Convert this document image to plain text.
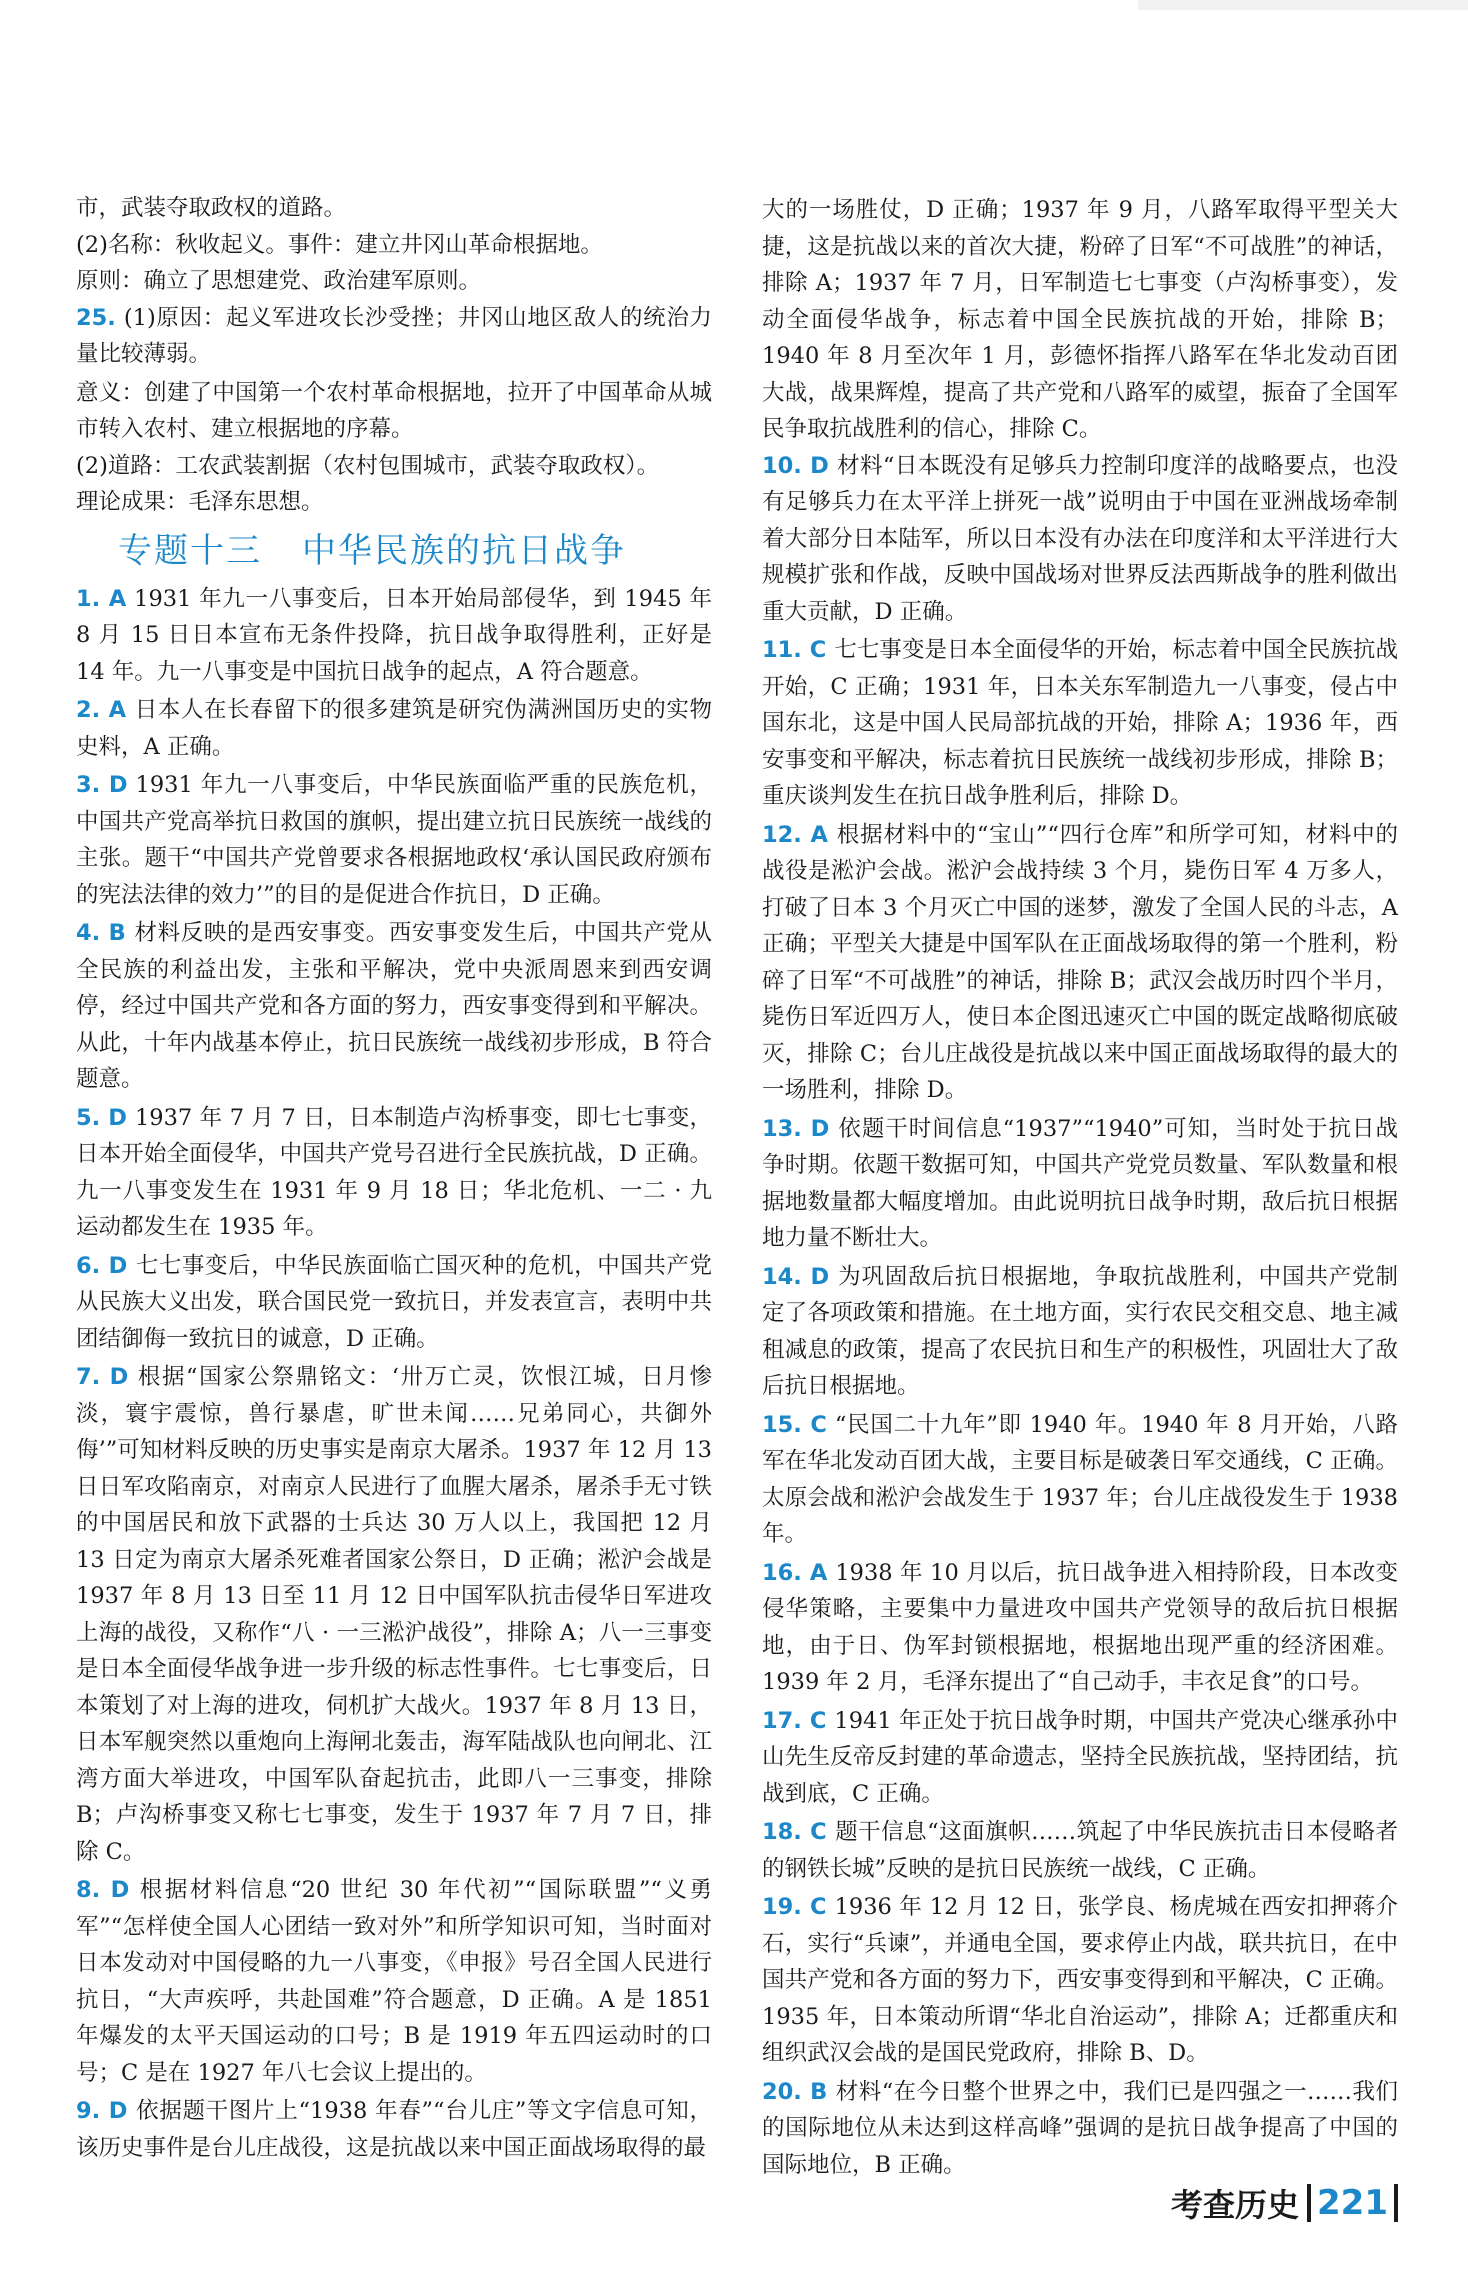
市，武装夺取政权的道路。

(2)名称：秋收起义。事件：建立井冈山革命根据地。

原则：确立了思想建党、政治建军原则。

25. (1)原因：起义军进攻长沙受挫；井冈山地区敌人的统治力量比较薄弱。

意义：创建了中国第一个农村革命根据地，拉开了中国革命从城市转入农村、建立根据地的序幕。

(2)道路：工农武装割据（农村包围城市，武装夺取政权）。

理论成果：毛泽东思想。

专题十三 中华民族的抗日战争

1. A 1931 年九一八事变后，日本开始局部侵华，到 1945 年 8 月 15 日日本宣布无条件投降，抗日战争取得胜利，正好是 14 年。九一八事变是中国抗日战争的起点，A 符合题意。

2. A 日本人在长春留下的很多建筑是研究伪满洲国历史的实物史料，A 正确。

3. D 1931 年九一八事变后，中华民族面临严重的民族危机，中国共产党高举抗日救国的旗帜，提出建立抗日民族统一战线的主张。题干“中国共产党曾要求各根据地政权‘承认国民政府颁布的宪法法律的效力’”的目的是促进合作抗日，D 正确。

4. B 材料反映的是西安事变。西安事变发生后，中国共产党从全民族的利益出发，主张和平解决，党中央派周恩来到西安调停，经过中国共产党和各方面的努力，西安事变得到和平解决。从此，十年内战基本停止，抗日民族统一战线初步形成，B 符合题意。

5. D 1937 年 7 月 7 日，日本制造卢沟桥事变，即七七事变，日本开始全面侵华，中国共产党号召进行全民族抗战，D 正确。九一八事变发生在 1931 年 9 月 18 日；华北危机、一二 · 九运动都发生在 1935 年。

6. D 七七事变后，中华民族面临亡国灭种的危机，中国共产党从民族大义出发，联合国民党一致抗日，并发表宣言，表明中共团结御侮一致抗日的诚意，D 正确。

7. D 根据“国家公祭鼎铭文：‘卅万亡灵，饮恨江城，日月惨淡，寰宇震惊，兽行暴虐，旷世未闻……兄弟同心，共御外侮’”可知材料反映的历史事实是南京大屠杀。1937 年 12 月 13 日日军攻陷南京，对南京人民进行了血腥大屠杀，屠杀手无寸铁的中国居民和放下武器的士兵达 30 万人以上，我国把 12 月 13 日定为南京大屠杀死难者国家公祭日，D 正确；淞沪会战是 1937 年 8 月 13 日至 11 月 12 日中国军队抗击侵华日军进攻上海的战役，又称作“八 · 一三淞沪战役”，排除 A；八一三事变是日本全面侵华战争进一步升级的标志性事件。七七事变后，日本策划了对上海的进攻，伺机扩大战火。1937 年 8 月 13 日，日本军舰突然以重炮向上海闸北轰击，海军陆战队也向闸北、江湾方面大举进攻，中国军队奋起抗击，此即八一三事变，排除 B；卢沟桥事变又称七七事变，发生于 1937 年 7 月 7 日，排除 C。

8. D 根据材料信息“20 世纪 30 年代初”“国际联盟”“义勇军”“怎样使全国人心团结一致对外”和所学知识可知，当时面对日本发动对中国侵略的九一八事变，《申报》号召全国人民进行抗日，“大声疾呼，共赴国难”符合题意，D 正确。A 是 1851 年爆发的太平天国运动的口号；B 是 1919 年五四运动时的口号；C 是在 1927 年八七会议上提出的。

9. D 依据题干图片上“1938 年春”“台儿庄”等文字信息可知，该历史事件是台儿庄战役，这是抗战以来中国正面战场取得的最

大的一场胜仗，D 正确；1937 年 9 月，八路军取得平型关大捷，这是抗战以来的首次大捷，粉碎了日军“不可战胜”的神话，排除 A；1937 年 7 月，日军制造七七事变（卢沟桥事变），发动全面侵华战争，标志着中国全民族抗战的开始，排除 B；1940 年 8 月至次年 1 月，彭德怀指挥八路军在华北发动百团大战，战果辉煌，提高了共产党和八路军的威望，振奋了全国军民争取抗战胜利的信心，排除 C。

10. D 材料“日本既没有足够兵力控制印度洋的战略要点，也没有足够兵力在太平洋上拼死一战”说明由于中国在亚洲战场牵制着大部分日本陆军，所以日本没有办法在印度洋和太平洋进行大规模扩张和作战，反映中国战场对世界反法西斯战争的胜利做出重大贡献，D 正确。

11. C 七七事变是日本全面侵华的开始，标志着中国全民族抗战开始，C 正确；1931 年，日本关东军制造九一八事变，侵占中国东北，这是中国人民局部抗战的开始，排除 A；1936 年，西安事变和平解决，标志着抗日民族统一战线初步形成，排除 B；重庆谈判发生在抗日战争胜利后，排除 D。

12. A 根据材料中的“宝山”“四行仓库”和所学可知，材料中的战役是淞沪会战。淞沪会战持续 3 个月，毙伤日军 4 万多人，打破了日本 3 个月灭亡中国的迷梦，激发了全国人民的斗志，A 正确；平型关大捷是中国军队在正面战场取得的第一个胜利，粉碎了日军“不可战胜”的神话，排除 B；武汉会战历时四个半月，毙伤日军近四万人，使日本企图迅速灭亡中国的既定战略彻底破灭，排除 C；台儿庄战役是抗战以来中国正面战场取得的最大的一场胜利，排除 D。

13. D 依题干时间信息“1937”“1940”可知，当时处于抗日战争时期。依题干数据可知，中国共产党党员数量、军队数量和根据地数量都大幅度增加。由此说明抗日战争时期，敌后抗日根据地力量不断壮大。

14. D 为巩固敌后抗日根据地，争取抗战胜利，中国共产党制定了各项政策和措施。在土地方面，实行农民交租交息、地主减租减息的政策，提高了农民抗日和生产的积极性，巩固壮大了敌后抗日根据地。

15. C “民国二十九年”即 1940 年。1940 年 8 月开始，八路军在华北发动百团大战，主要目标是破袭日军交通线，C 正确。太原会战和淞沪会战发生于 1937 年；台儿庄战役发生于 1938 年。

16. A 1938 年 10 月以后，抗日战争进入相持阶段，日本改变侵华策略，主要集中力量进攻中国共产党领导的敌后抗日根据地，由于日、伪军封锁根据地，根据地出现严重的经济困难。1939 年 2 月，毛泽东提出了“自己动手，丰衣足食”的口号。

17. C 1941 年正处于抗日战争时期，中国共产党决心继承孙中山先生反帝反封建的革命遗志，坚持全民族抗战，坚持团结，抗战到底，C 正确。

18. C 题干信息“这面旗帜……筑起了中华民族抗击日本侵略者的钢铁长城”反映的是抗日民族统一战线，C 正确。

19. C 1936 年 12 月 12 日，张学良、杨虎城在西安扣押蒋介石，实行“兵谏”，并通电全国，要求停止内战，联共抗日，在中国共产党和各方面的努力下，西安事变得到和平解决，C 正确。1935 年，日本策动所谓“华北自治运动”，排除 A；迁都重庆和组织武汉会战的是国民党政府，排除 B、D。

20. B 材料“在今日整个世界之中，我们已是四强之一……我们的国际地位从未达到这样高峰”强调的是抗日战争提高了中国的国际地位，B 正确。

考查历史 221
